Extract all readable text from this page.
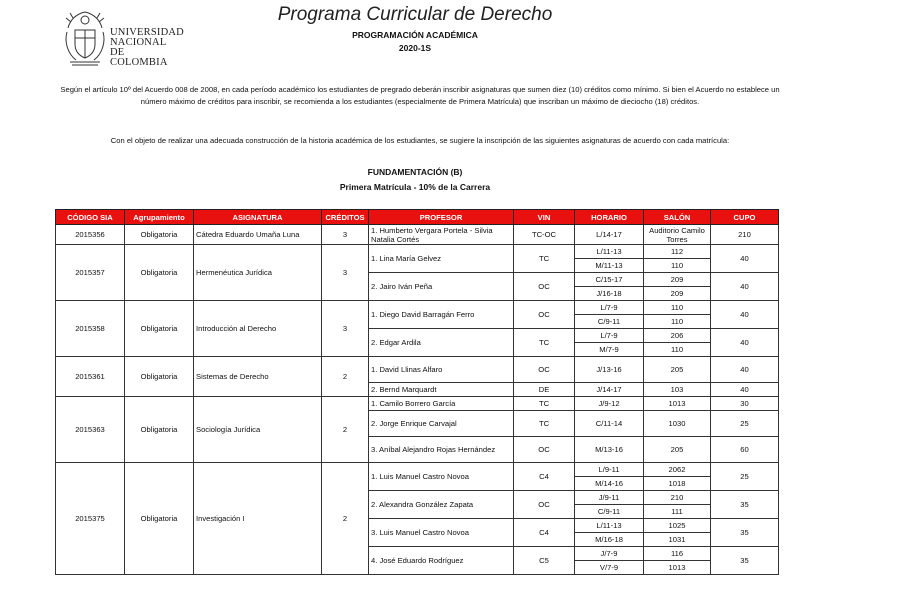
UNIVERSIDAD
NACIONAL
DE COLOMBIA
Programa Curricular de Derecho
PROGRAMACIÓN ACADÉMICA
2020-1S
Según el artículo 10º del Acuerdo 008 de 2008, en cada período académico los estudiantes de pregrado deberán inscribir asignaturas que sumen diez (10) créditos como mínimo. Si bien el Acuerdo no establece un número máximo de créditos para inscribir, se recomienda a los estudiantes (especialmente de Primera Matrícula) que inscriban un máximo de dieciocho (18) créditos.
Con el objeto de realizar una adecuada construcción de la historia académica de los estudiantes, se sugiere la inscripción de las siguientes asignaturas de acuerdo con cada matrícula:
FUNDAMENTACIÓN (B)
Primera Matrícula - 10% de la Carrera
CÓDIGO SIA	Agrupamiento	ASIGNATURA	CRÉDITOS	PROFESOR	VIN	HORARIO	SALÓN	CUPO
2015356	Obligatoria	Cátedra Eduardo Umaña Luna	3	1. Humberto Vergara Portela - Silvia Natalia Cortés	TC-OC	L/14-17	Auditorio Camilo Torres	210
2015357	Obligatoria	Hermenéutica Jurídica	3	1. Lina María Gelvez	TC	L/11-13	112	40
						M/11-13	110	
				2. Jairo Iván Peña	OC	C/15-17	209	40
						J/16-18	209	
2015358	Obligatoria	Introducción al Derecho	3	1. Diego David Barragán Ferro	OC	L/7-9	110	40
						C/9-11	110	
				2. Edgar Ardila	TC	L/7-9	206	40
						M/7-9	110	
2015361	Obligatoria	Sistemas de Derecho	2	1. David Llinas Alfaro	OC	J/13-16	205	40
				2. Bernd Marquardt	DE	J/14-17	103	40
2015363	Obligatoria	Sociología Jurídica	2	1. Camilo Borrero García	TC	J/9-12	1013	30
				2. Jorge Enrique Carvajal	TC	C/11-14	1030	25
				3. Aníbal Alejandro Rojas Hernández	OC	M/13-16	205	60
2015375	Obligatoria	Investigación I	2	1. Luis Manuel Castro Novoa	C4	L/9-11	2062	25
						M/14-16	1018	
				2. Alexandra González Zapata	OC	J/9-11	210	35
						C/9-11	111	
				3. Luis Manuel Castro Novoa	C4	L/11-13	1025	35
						M/16-18	1031	
				4. José Eduardo Rodríguez	C5	J/7-9	116	35
						V/7-9	1013	
